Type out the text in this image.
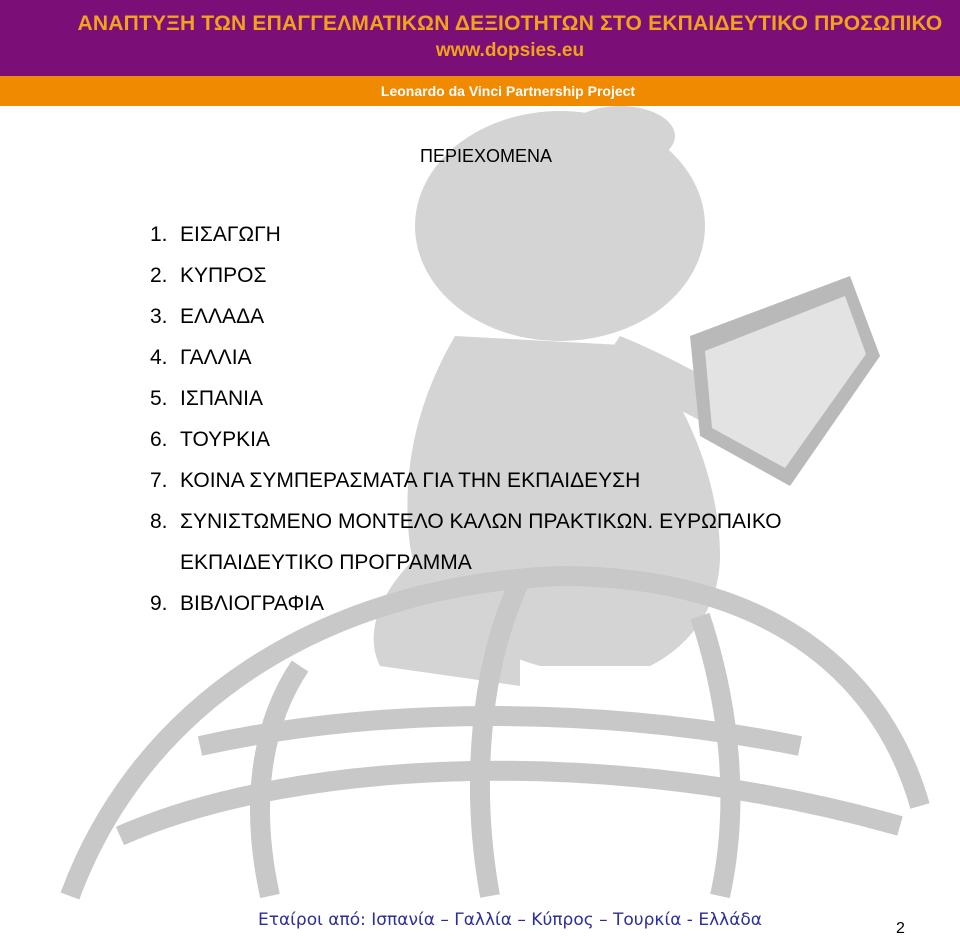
ΑΝΑΠΤΥΞΗ ΤΩΝ ΕΠΑΓΓΕΛΜΑΤΙΚΩΝ ΔΕΞΙΟΤΗΤΩΝ ΣΤΟ ΕΚΠΑΙΔΕΥΤΙΚΟ ΠΡΟΣΩΠΙΚΟ
www.dopsies.eu
Leonardo da Vinci Partnership Project
ΠΕΡΙΕΧΟΜΕΝΑ
1. ΕΙΣΑΓΩΓΗ
2. ΚΥΠΡΟΣ
3. ΕΛΛΑΔΑ
4. ΓΑΛΛΙΑ
5. ΙΣΠΑΝΙΑ
6. ΤΟΥΡΚΙΑ
7. ΚΟΙΝΑ ΣΥΜΠΕΡΑΣΜΑΤΑ ΓΙΑ ΤΗΝ ΕΚΠΑΙΔΕΥΣΗ
8. ΣΥΝΙΣΤΩΜΕΝΟ ΜΟΝΤΕΛΟ ΚΑΛΩΝ ΠΡΑΚΤΙΚΩΝ. ΕΥΡΩΠΑΙΚΟ ΕΚΠΑΙΔΕΥΤΙΚΟ ΠΡΟΓΡΑΜΜΑ
9. ΒΙΒΛΙΟΓΡΑΦΙΑ
Εταίροι από: Ισπανία – Γαλλία – Κύπρος – Τουρκία - Ελλάδα	2
